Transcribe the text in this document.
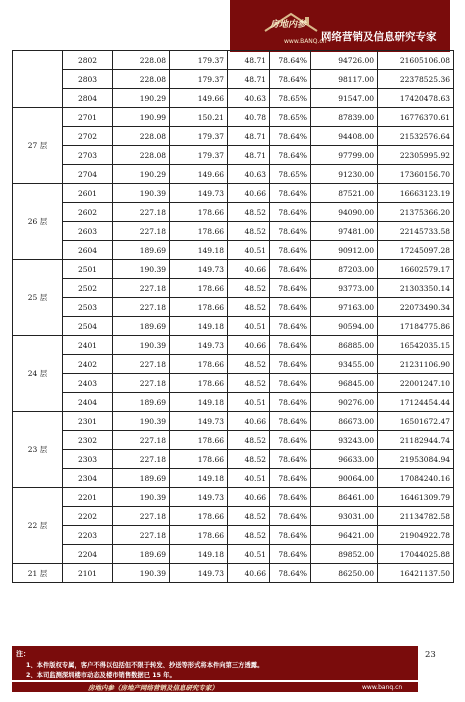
房地内参
www.BANQ.cn
网络营销及信息研究专家
	2802	228.08	179.37	48.71	78.64%	94726.00	21605106.08
	2803	228.08	179.37	48.71	78.64%	98117.00	22378525.36
	2804	190.29	149.66	40.63	78.65%	91547.00	17420478.63
27 层	2701	190.99	150.21	40.78	78.65%	87839.00	16776370.61
	2702	228.08	179.37	48.71	78.64%	94408.00	21532576.64
	2703	228.08	179.37	48.71	78.64%	97799.00	22305995.92
	2704	190.29	149.66	40.63	78.65%	91230.00	17360156.70
26 层	2601	190.39	149.73	40.66	78.64%	87521.00	16663123.19
	2602	227.18	178.66	48.52	78.64%	94090.00	21375366.20
	2603	227.18	178.66	48.52	78.64%	97481.00	22145733.58
	2604	189.69	149.18	40.51	78.64%	90912.00	17245097.28
25 层	2501	190.39	149.73	40.66	78.64%	87203.00	16602579.17
	2502	227.18	178.66	48.52	78.64%	93773.00	21303350.14
	2503	227.18	178.66	48.52	78.64%	97163.00	22073490.34
	2504	189.69	149.18	40.51	78.64%	90594.00	17184775.86
24 层	2401	190.39	149.73	40.66	78.64%	86885.00	16542035.15
	2402	227.18	178.66	48.52	78.64%	93455.00	21231106.90
	2403	227.18	178.66	48.52	78.64%	96845.00	22001247.10
	2404	189.69	149.18	40.51	78.64%	90276.00	17124454.44
23 层	2301	190.39	149.73	40.66	78.64%	86673.00	16501672.47
	2302	227.18	178.66	48.52	78.64%	93243.00	21182944.74
	2303	227.18	178.66	48.52	78.64%	96633.00	21953084.94
	2304	189.69	149.18	40.51	78.64%	90064.00	17084240.16
22 层	2201	190.39	149.73	40.66	78.64%	86461.00	16461309.79
	2202	227.18	178.66	48.52	78.64%	93031.00	21134782.58
	2203	227.18	178.66	48.52	78.64%	96421.00	21904922.78
	2204	189.69	149.18	40.51	78.64%	89852.00	17044025.88
21 层	2101	190.39	149.73	40.66	78.64%	86250.00	16421137.50
注：
1、本件版权专属，客户不得以包括但不限于转发、抄送等形式将本件向第三方透露。
2、本司监测深圳楼市动态及楼市销售数据已 15 年。
23
房地内参（房地产网络营销及信息研究专家）	www.banq.cn
